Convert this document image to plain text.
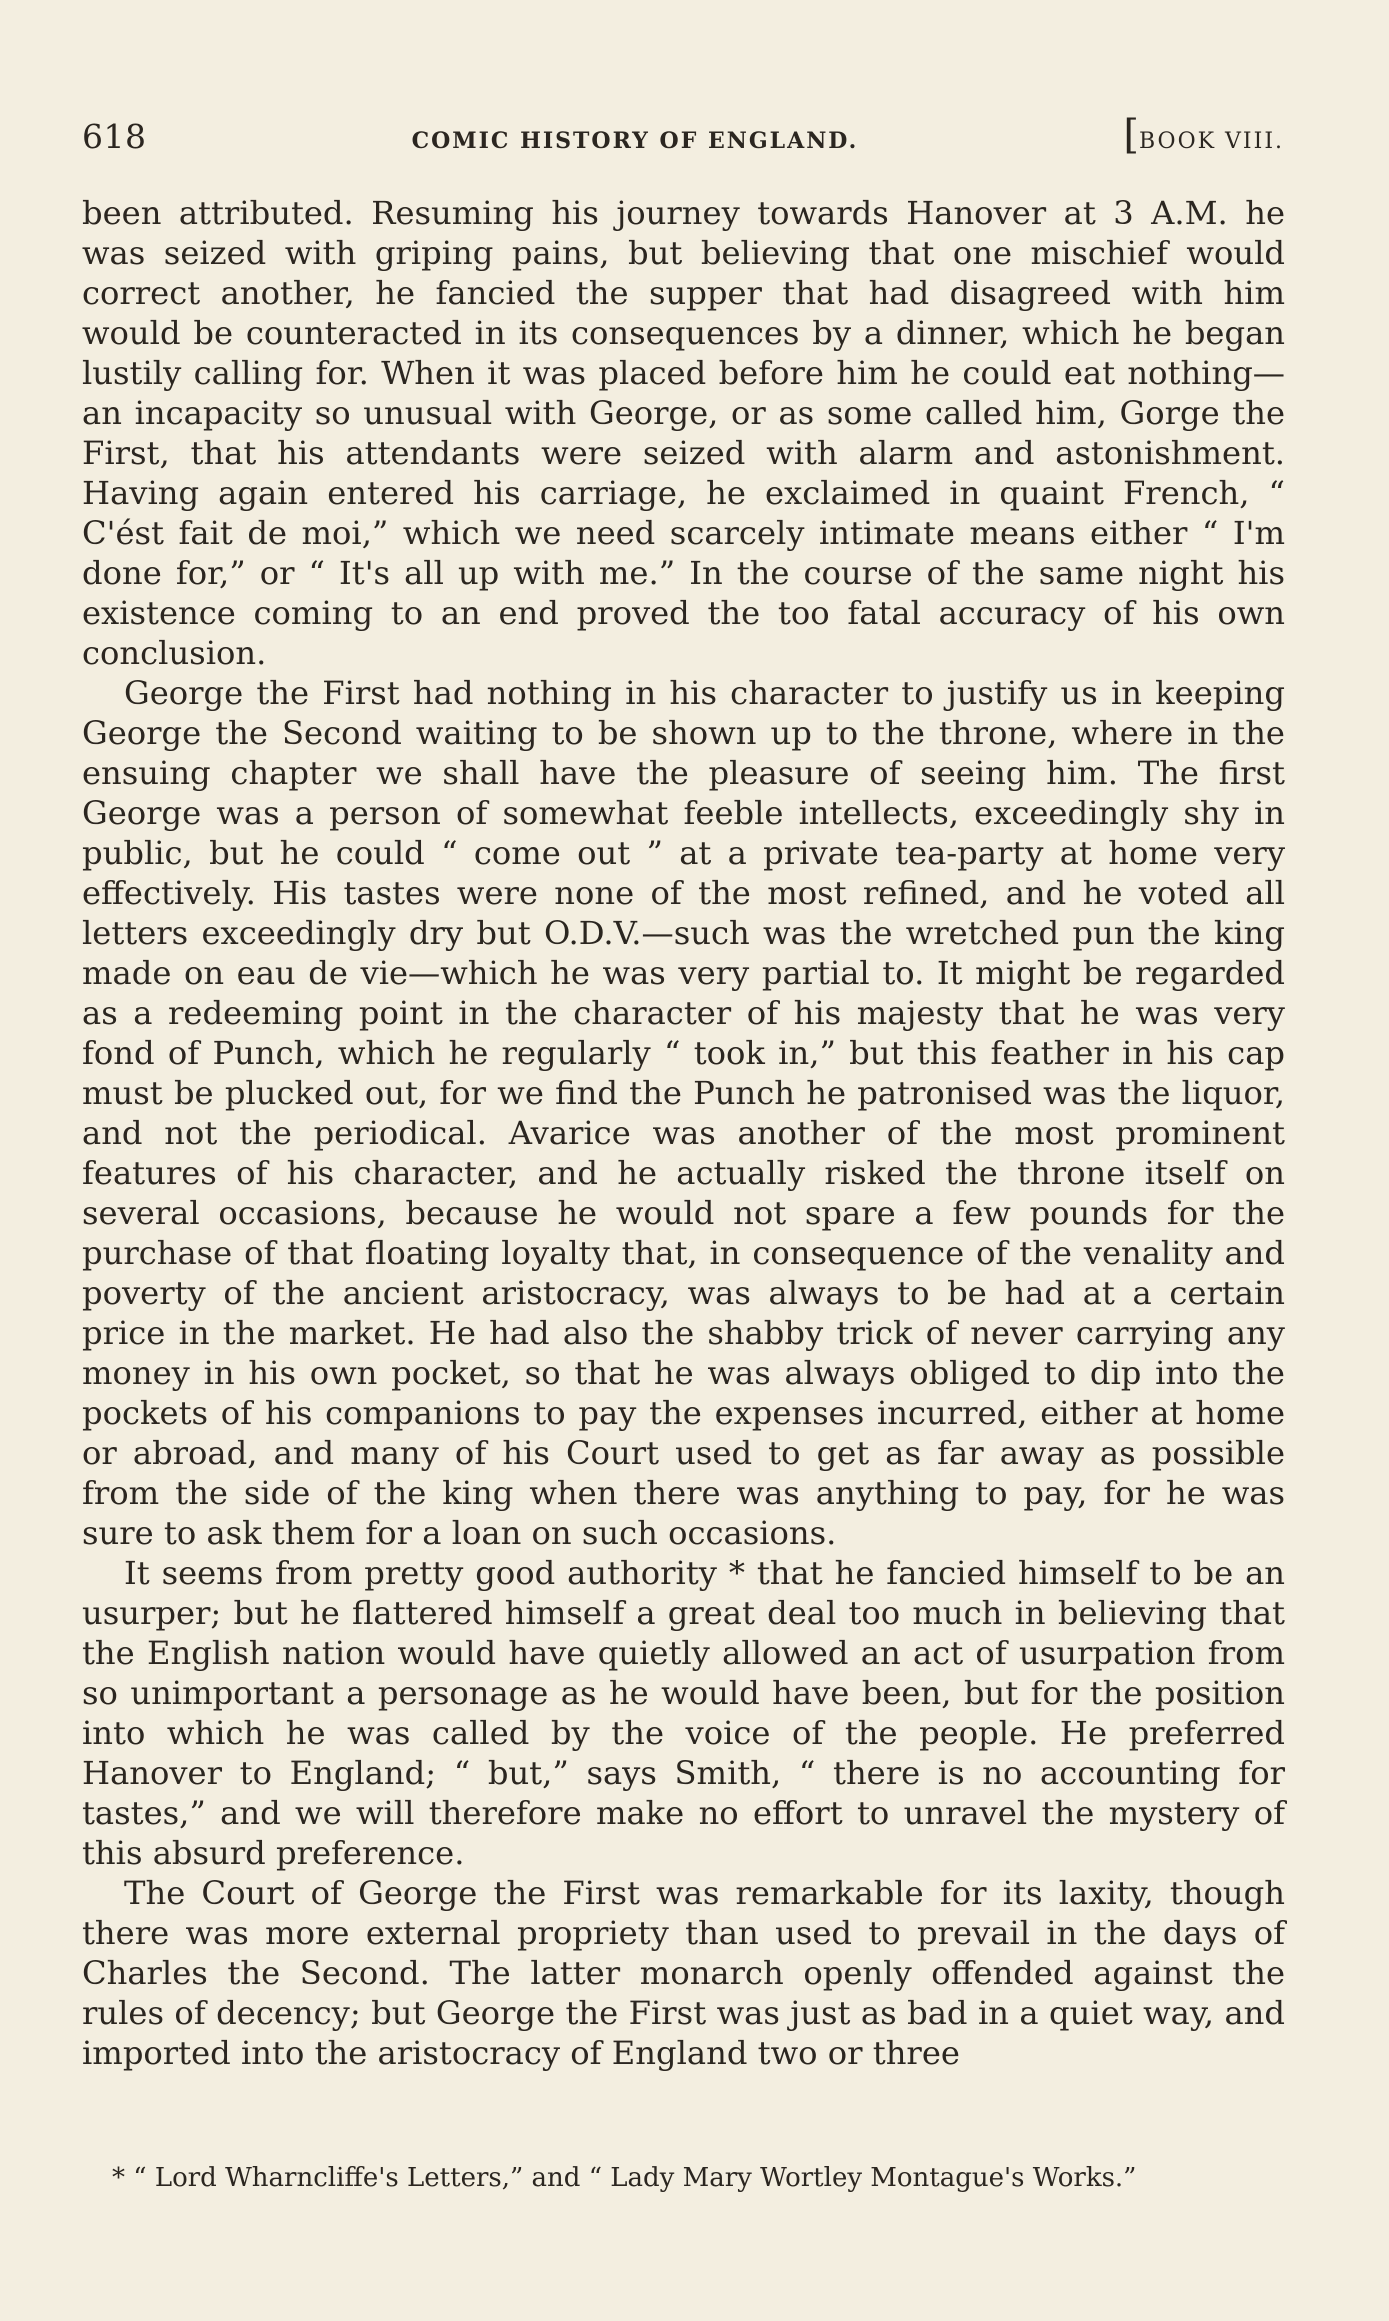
618	COMIC HISTORY OF ENGLAND.	[BOOK VIII.

been attributed. Resuming his journey towards Hanover at 3 A.M. he was seized with griping pains, but believing that one mischief would correct another, he fancied the supper that had disagreed with him would be counteracted in its consequences by a dinner, which he began lustily calling for. When it was placed before him he could eat nothing—an incapacity so unusual with George, or as some called him, Gorge the First, that his attendants were seized with alarm and astonishment. Having again entered his carriage, he exclaimed in quaint French, “ C'ést fait de moi,” which we need scarcely intimate means either “ I'm done for,” or “ It's all up with me.” In the course of the same night his existence coming to an end proved the too fatal accuracy of his own conclusion.

George the First had nothing in his character to justify us in keeping George the Second waiting to be shown up to the throne, where in the ensuing chapter we shall have the pleasure of seeing him. The first George was a person of somewhat feeble intellects, exceedingly shy in public, but he could “ come out ” at a private tea-party at home very effectively. His tastes were none of the most refined, and he voted all letters exceedingly dry but O.D.V.—such was the wretched pun the king made on eau de vie—which he was very partial to. It might be regarded as a redeeming point in the character of his majesty that he was very fond of Punch, which he regularly “ took in,” but this feather in his cap must be plucked out, for we find the Punch he patronised was the liquor, and not the periodical. Avarice was another of the most prominent features of his character, and he actually risked the throne itself on several occasions, because he would not spare a few pounds for the purchase of that floating loyalty that, in consequence of the venality and poverty of the ancient aristocracy, was always to be had at a certain price in the market. He had also the shabby trick of never carrying any money in his own pocket, so that he was always obliged to dip into the pockets of his companions to pay the expenses incurred, either at home or abroad, and many of his Court used to get as far away as possible from the side of the king when there was anything to pay, for he was sure to ask them for a loan on such occasions.

It seems from pretty good authority * that he fancied himself to be an usurper; but he flattered himself a great deal too much in believing that the English nation would have quietly allowed an act of usurpation from so unimportant a personage as he would have been, but for the position into which he was called by the voice of the people. He preferred Hanover to England; “ but,” says Smith, “ there is no accounting for tastes,” and we will therefore make no effort to unravel the mystery of this absurd preference.

The Court of George the First was remarkable for its laxity, though there was more external propriety than used to prevail in the days of Charles the Second. The latter monarch openly offended against the rules of decency; but George the First was just as bad in a quiet way, and imported into the aristocracy of England two or three

* “ Lord Wharncliffe's Letters,” and “ Lady Mary Wortley Montague's Works.”
